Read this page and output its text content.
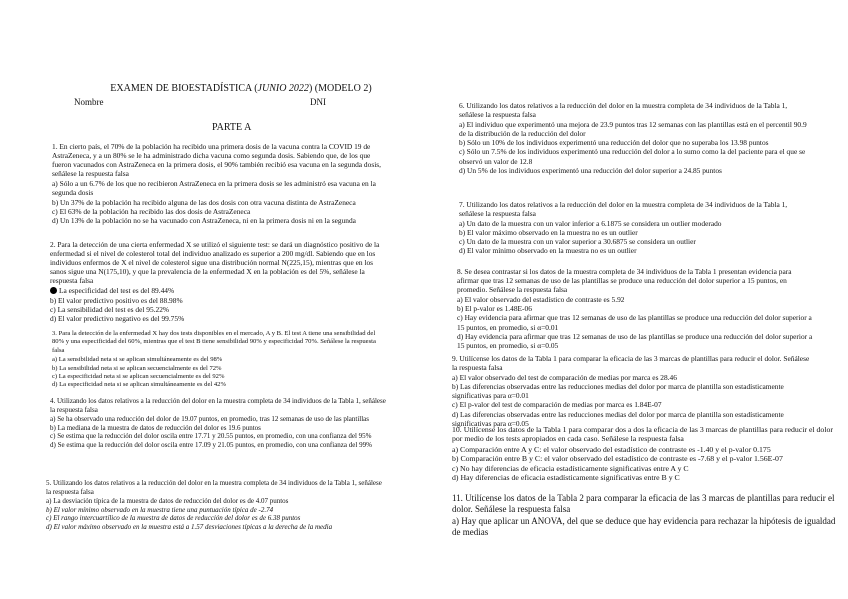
EXAMEN DE BIOESTADÍSTICA (JUNIO 2022) (MODELO 2)
Nombre	DNI
PARTE A

1. En cierto país, el 70% de la población ha recibido una primera dosis de la vacuna contra la COVID 19 de AstraZeneca, y a un 80% se le ha administrado dicha vacuna como segunda dosis. Sabiendo que, de los que fueron vacunados con AstraZeneca en la primera dosis, el 90% también recibió esa vacuna en la segunda dosis, señálese la respuesta falsa

a) Sólo a un 6.7% de los que no recibieron AstraZeneca en la primera dosis se les administró esa vacuna en la segunda dosis

b) Un 37% de la población ha recibido alguna de las dos dosis con otra vacuna distinta de AstraZeneca

c) El 63% de la población ha recibido las dos dosis de AstraZeneca

d) Un 13% de la población no se ha vacunado con AstraZeneca, ni en la primera dosis ni en la segunda

2. Para la detección de una cierta enfermedad X se utilizó el siguiente test: se dará un diagnóstico positivo de la enfermedad si el nivel de colesterol total del individuo analizado es superior a 200 mg/dl. Sabiendo que en los individuos enfermos de X el nivel de colesterol sigue una distribución normal N(225,15), mientras que en los sanos sigue una N(175,10), y que la prevalencia de la enfermedad X en la población es del 5%, señálese la respuesta falsa

La especificidad del test es del 89.44%

b) El valor predictivo positivo es del 88.98%

c) La sensibilidad del test es del 95.22%

d) El valor predictivo negativo es del 99.75%

3. Para la detección de la enfermedad X hay dos tests disponibles en el mercado, A y B. El test A tiene una sensibilidad del 80% y una especificidad del 60%, mientras que el test B tiene sensibilidad 90% y especificidad 70%. Señálese la respuesta falsa

a) La sensibilidad neta si se aplican simultáneamente es del 98%

b) La sensibilidad neta si se aplican secuencialmente es del 72%

c) La especificidad neta si se aplican secuencialmente es del 92%

d) La especificidad neta si se aplican simultáneamente es del 42%

4. Utilizando los datos relativos a la reducción del dolor en la muestra completa de 34 individuos de la Tabla 1, señálese la respuesta falsa

a) Se ha observado una reducción del dolor de 19.07 puntos, en promedio, tras 12 semanas de uso de las plantillas

b) La mediana de la muestra de datos de reducción del dolor es 19.6 puntos

c) Se estima que la reducción del dolor oscila entre 17.71 y 20.55 puntos, en promedio, con una confianza del 95%

d) Se estima que la reducción del dolor oscila entre 17.09 y 21.05 puntos, en promedio, con una confianza del 99%

5. Utilizando los datos relativos a la reducción del dolor en la muestra completa de 34 individuos de la Tabla 1, señálese la respuesta falsa

a) La desviación típica de la muestra de datos de reducción del dolor es de 4.07 puntos

b) El valor mínimo observado en la muestra tiene una puntuación típica de -2.74

c) El rango intercuartílico de la muestra de datos de reducción del dolor es de 6.38 puntos

d) El valor máximo observado en la muestra está a 1.57 desviaciones típicas a la derecha de la media

6. Utilizando los datos relativos a la reducción del dolor en la muestra completa de 34 individuos de la Tabla 1, señálese la respuesta falsa

a) El individuo que experimentó una mejora de 23.9 puntos tras 12 semanas con las plantillas está en el percentil 90.9 de la distribución de la reducción del dolor

b) Sólo un 10% de los individuos experimentó una reducción del dolor que no superaba los 13.98 puntos

c) Sólo un 7.5% de los individuos experimentó una reducción del dolor a lo sumo como la del paciente para el que se observó un valor de 12.8

d) Un 5% de los individuos experimentó una reducción del dolor superior a 24.85 puntos

7. Utilizando los datos relativos a la reducción del dolor en la muestra completa de 34 individuos de la Tabla 1, señálese la respuesta falsa

a) Un dato de la muestra con un valor inferior a 6.1875 se considera un outlier moderado

b) El valor máximo observado en la muestra no es un outlier

c) Un dato de la muestra con un valor superior a 30.6875 se considera un outlier

d) El valor mínimo observado en la muestra no es un outlier

8. Se desea contrastar si los datos de la muestra completa de 34 individuos de la Tabla 1 presentan evidencia para afirmar que tras 12 semanas de uso de las plantillas se produce una reducción del dolor superior a 15 puntos, en promedio. Señálese la respuesta falsa

a) El valor observado del estadístico de contraste es 5.92

b) El p-valor es 1.48E-06

c) Hay evidencia para afirmar que tras 12 semanas de uso de las plantillas se produce una reducción del dolor superior a 15 puntos, en promedio, si α=0.01

d) Hay evidencia para afirmar que tras 12 semanas de uso de las plantillas se produce una reducción del dolor superior a 15 puntos, en promedio, si α=0.05

9. Utilícense los datos de la Tabla 1 para comparar la eficacia de las 3 marcas de plantillas para reducir el dolor. Señálese la respuesta falsa

a) El valor observado del test de comparación de medias por marca es 28.46

b) Las diferencias observadas entre las reducciones medias del dolor por marca de plantilla son estadísticamente significativas para α=0.01

c) El p-valor del test de comparación de medias por marca es 1.84E-07

d) Las diferencias observadas entre las reducciones medias del dolor por marca de plantilla son estadísticamente significativas para α=0.05

10. Utilícense los datos de la Tabla 1 para comparar dos a dos la eficacia de las 3 marcas de plantillas para reducir el dolor por medio de los tests apropiados en cada caso. Señálese la respuesta falsa

a) Comparación entre A y C: el valor observado del estadístico de contraste es -1.40 y el p-valor 0.175

b) Comparación entre B y C: el valor observado del estadístico de contraste es -7.68 y el p-valor 1.56E-07

c) No hay diferencias de eficacia estadísticamente significativas entre A y C

d) Hay diferencias de eficacia estadísticamente significativas entre B y C

11. Utilícense los datos de la Tabla 2 para comparar la eficacia de las 3 marcas de plantillas para reducir el dolor. Señálese la respuesta falsa

a) Hay que aplicar un ANOVA, del que se deduce que hay evidencia para rechazar la hipótesis de igualdad de medias
